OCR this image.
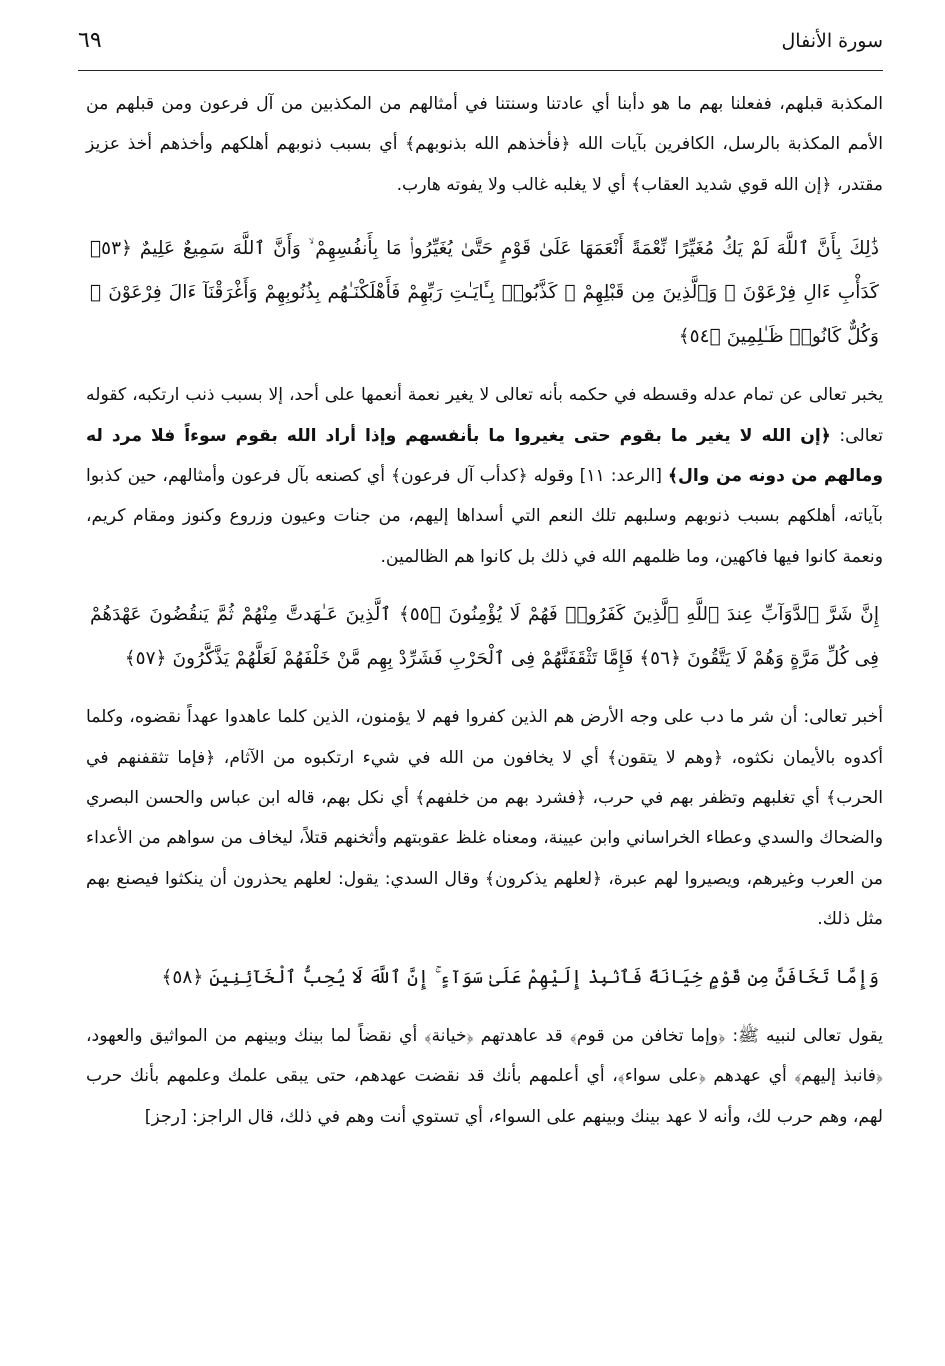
سورة الأنفال
٦٩

المكذبة قبلهم، ففعلنا بهم ما هو دأبنا أي عادتنا وسنتنا في أمثالهم من المكذبين من آل فرعون ومن قبلهم من الأمم المكذبة بالرسل، الكافرين بآيات الله ﴿فأخذهم الله بذنوبهم﴾ أي بسبب ذنوبهم أهلكهم وأخذهم أخذ عزيز مقتدر، ﴿إن الله قوي شديد العقاب﴾ أي لا يغلبه غالب ولا يفوته هارب.

ذَٰلِكَ بِأَنَّ ٱللَّهَ لَمْ يَكُ مُغَيِّرًا نِّعْمَةً أَنْعَمَهَا عَلَىٰ قَوْمٍ حَتَّىٰ يُغَيِّرُوا۟ مَا بِأَنفُسِهِمْ ۙ وَأَنَّ ٱللَّهَ سَمِيعٌ عَلِيمٌ ﴿٥٣﴾ كَدَأْبِ ءَالِ فِرْعَوْنَ ۙ وَٱلَّذِينَ مِن قَبْلِهِمْ ۚ كَذَّبُوا۟ بِـَٔايَـٰتِ رَبِّهِمْ فَأَهْلَكْنَـٰهُم بِذُنُوبِهِمْ وَأَغْرَقْنَآ ءَالَ فِرْعَوْنَ ۚ وَكُلٌّ كَانُوا۟ ظَـٰلِمِينَ ﴿٥٤﴾

يخبر تعالى عن تمام عدله وقسطه في حكمه بأنه تعالى لا يغير نعمة أنعمها على أحد، إلا بسبب ذنب ارتكبه، كقوله تعالى: ﴿إن الله لا يغير ما بقوم حتى يغيروا ما بأنفسهم وإذا أراد الله بقوم سوءاً فلا مرد له ومالهم من دونه من وال﴾ [الرعد: ١١] وقوله ﴿كدأب آل فرعون﴾ أي كصنعه بآل فرعون وأمثالهم، حين كذبوا بآياته، أهلكهم بسبب ذنوبهم وسلبهم تلك النعم التي أسداها إليهم، من جنات وعيون وزروع وكنوز ومقام كريم، ونعمة كانوا فيها فاكهين، وما ظلمهم الله في ذلك بل كانوا هم الظالمين.

إِنَّ شَرَّ ٱلدَّوَآبِّ عِندَ ٱللَّهِ ٱلَّذِينَ كَفَرُوا۟ فَهُمْ لَا يُؤْمِنُونَ ﴿٥٥﴾ ٱلَّذِينَ عَـٰهَدتَّ مِنْهُمْ ثُمَّ يَنقُضُونَ عَهْدَهُمْ فِى كُلِّ مَرَّةٍ وَهُمْ لَا يَتَّقُونَ ﴿٥٦﴾ فَإِمَّا تَثْقَفَنَّهُمْ فِى ٱلْحَرْبِ فَشَرِّدْ بِهِم مَّنْ خَلْفَهُمْ لَعَلَّهُمْ يَذَّكَّرُونَ ﴿٥٧﴾

أخبر تعالى: أن شر ما دب على وجه الأرض هم الذين كفروا فهم لا يؤمنون، الذين كلما عاهدوا عهداً نقضوه، وكلما أكدوه بالأيمان نكثوه، ﴿وهم لا يتقون﴾ أي لا يخافون من الله في شيء ارتكبوه من الآثام، ﴿فإما تثقفنهم في الحرب﴾ أي تغلبهم وتظفر بهم في حرب، ﴿فشرد بهم من خلفهم﴾ أي نكل بهم، قاله ابن عباس والحسن البصري والضحاك والسدي وعطاء الخراساني وابن عيينة، ومعناه غلظ عقوبتهم وأثخنهم قتلاً، ليخاف من سواهم من الأعداء من العرب وغيرهم، ويصيروا لهم عبرة، ﴿لعلهم يذكرون﴾ وقال السدي: يقول: لعلهم يحذرون أن ينكثوا فيصنع بهم مثل ذلك.

وَإِمَّا تَخَافَنَّ مِن قَوْمٍ خِيَانَةً فَٱنۢبِذْ إِلَيْهِمْ عَلَىٰ سَوَآءٍ ۚ إِنَّ ٱللَّهَ لَا يُحِبُّ ٱلْخَآئِنِينَ ﴿٥٨﴾

يقول تعالى لنبيه ﷺ: ﴿وإما تخافن من قوم﴾ قد عاهدتهم ﴿خيانة﴾ أي نقضاً لما بينك وبينهم من المواثيق والعهود، ﴿فانبذ إليهم﴾ أي عهدهم ﴿على سواء﴾، أي أعلمهم بأنك قد نقضت عهدهم، حتى يبقى علمك وعلمهم بأنك حرب لهم، وهم حرب لك، وأنه لا عهد بينك وبينهم على السواء، أي تستوي أنت وهم في ذلك، قال الراجز: [رجز]
